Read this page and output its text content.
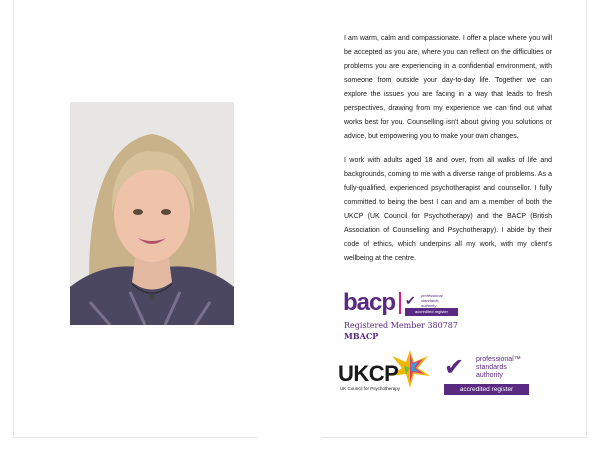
I am warm, calm and compassionate. I offer a place where you will be accepted as you are, where you can reflect on the difficulties or problems you are experiencing in a confidential environment, with someone from outside your day-to-day life. Together we can explore the issues you are facing in a way that leads to fresh perspectives, drawing from my experience we can find out what works best for you. Counselling isn't about giving you solutions or advice, but empowering you to make your own changes.

I work with adults aged 18 and over, from all walks of life and backgrounds, coming to me with a diverse range of problems. As a fully-qualified, experienced psychotherapist and counsellor. I fully committed to being the best I can and am a member of both the UKCP (UK Council for Psychotherapy) and the BACP (British Association of Counselling and Psychotherapy). I abide by their code of ethics, which underpins all my work, with my client's wellbeing at the centre.

bacp ✔ professional standards authority
accredited register
Registered Member 380787
MBACP
UKCP
UK Council for Psychotherapy
✔ professional™
standards
authority
accredited register
